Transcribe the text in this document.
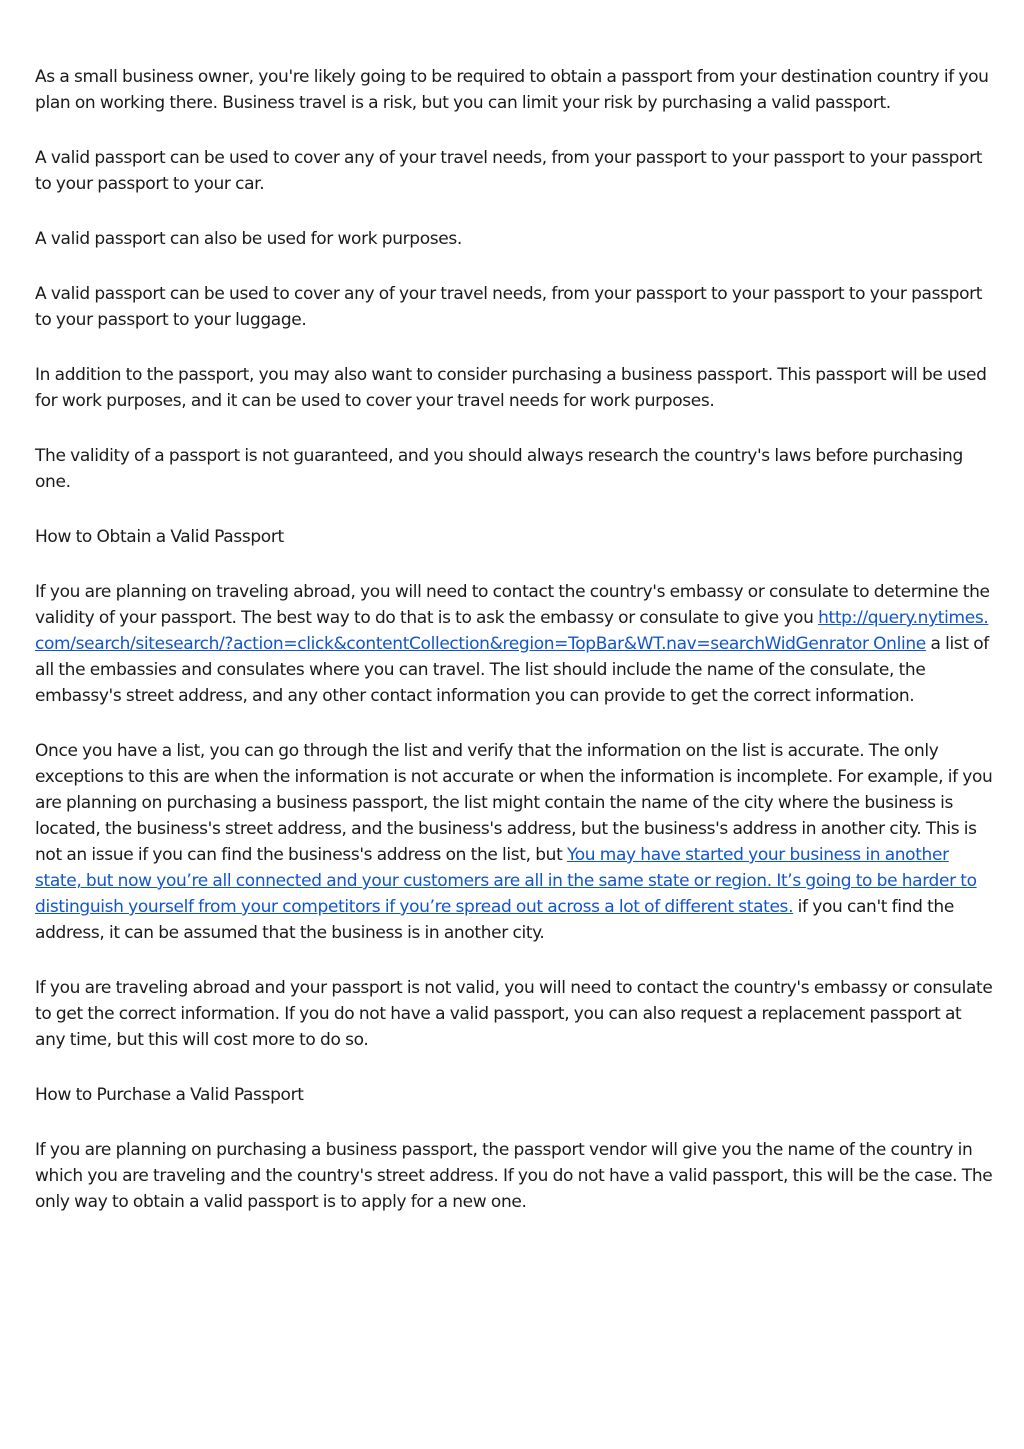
As a small business owner, you're likely going to be required to obtain a passport from your destination country if you plan on working there. Business travel is a risk, but you can limit your risk by purchasing a valid passport.

A valid passport can be used to cover any of your travel needs, from your passport to your passport to your passport to your passport to your car.

A valid passport can also be used for work purposes.

A valid passport can be used to cover any of your travel needs, from your passport to your passport to your passport to your passport to your luggage.

In addition to the passport, you may also want to consider purchasing a business passport. This passport will be used for work purposes, and it can be used to cover your travel needs for work purposes.

The validity of a passport is not guaranteed, and you should always research the country's laws before purchasing one.

How to Obtain a Valid Passport

If you are planning on traveling abroad, you will need to contact the country's embassy or consulate to determine the validity of your passport. The best way to do that is to ask the embassy or consulate to give you http://query.nytimes.com/search/sitesearch/?action=click&contentCollection&region=TopBar&WT.nav=searchWidGenrator Online a list of all the embassies and consulates where you can travel. The list should include the name of the consulate, the embassy's street address, and any other contact information you can provide to get the correct information.

Once you have a list, you can go through the list and verify that the information on the list is accurate. The only exceptions to this are when the information is not accurate or when the information is incomplete. For example, if you are planning on purchasing a business passport, the list might contain the name of the city where the business is located, the business's street address, and the business's address, but the business's address in another city. This is not an issue if you can find the business's address on the list, but You may have started your business in another state, but now you’re all connected and your customers are all in the same state or region. It’s going to be harder to distinguish yourself from your competitors if you’re spread out across a lot of different states. if you can't find the address, it can be assumed that the business is in another city.

If you are traveling abroad and your passport is not valid, you will need to contact the country's embassy or consulate to get the correct information. If you do not have a valid passport, you can also request a replacement passport at any time, but this will cost more to do so.

How to Purchase a Valid Passport

If you are planning on purchasing a business passport, the passport vendor will give you the name of the country in which you are traveling and the country's street address. If you do not have a valid passport, this will be the case. The only way to obtain a valid passport is to apply for a new one.
